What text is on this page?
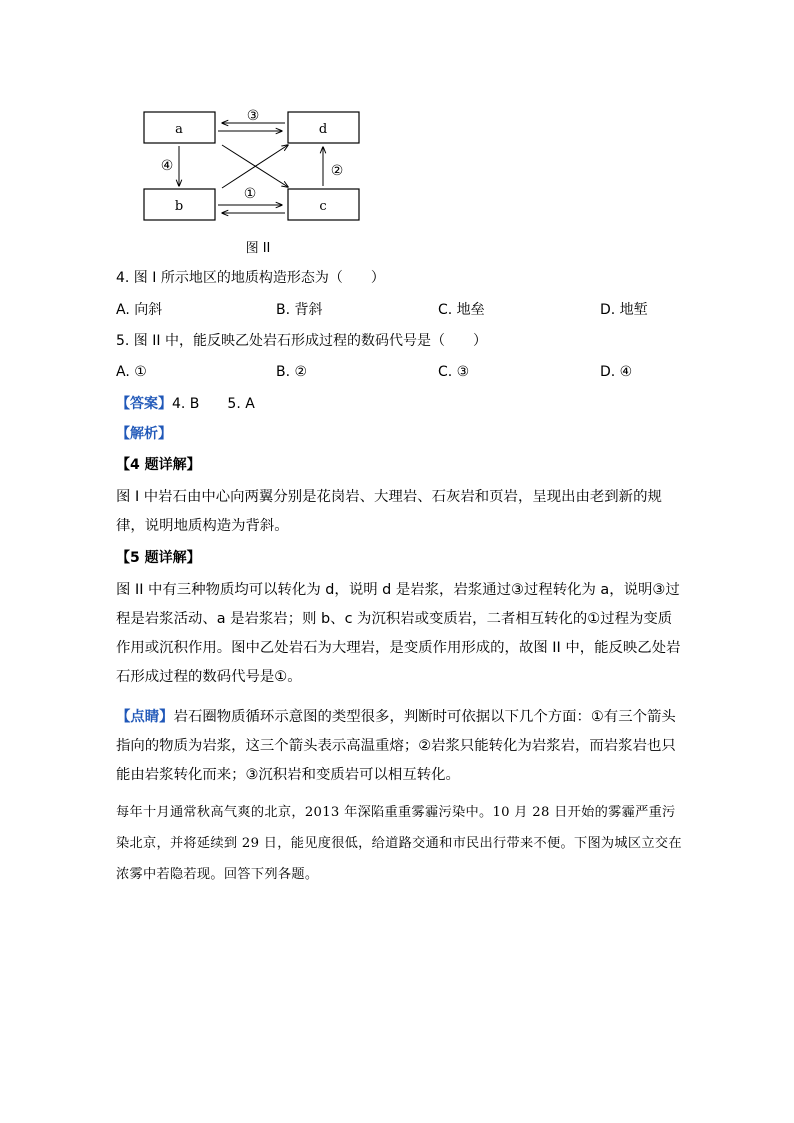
a	d
b	c
③
④	②
①
图 II
4. 图 I 所示地区的地质构造形态为（　　）
A. 向斜	B. 背斜	C. 地垒	D. 地堑
5. 图 II 中，能反映乙处岩石形成过程的数码代号是（　　）
A. ①	B. ②	C. ③	D. ④
【答案】4. B　　5. A
【解析】
【4 题详解】
图 I 中岩石由中心向两翼分别是花岗岩、大理岩、石灰岩和页岩，呈现出由老到新的规律，说明地质构造为背斜。
【5 题详解】
图 II 中有三种物质均可以转化为 d，说明 d 是岩浆，岩浆通过③过程转化为 a，说明③过程是岩浆活动、a 是岩浆岩；则 b、c 为沉积岩或变质岩，二者相互转化的①过程为变质作用或沉积作用。图中乙处岩石为大理岩，是变质作用形成的，故图 II 中，能反映乙处岩石形成过程的数码代号是①。
【点睛】岩石圈物质循环示意图的类型很多，判断时可依据以下几个方面：①有三个箭头指向的物质为岩浆，这三个箭头表示高温重熔；②岩浆只能转化为岩浆岩，而岩浆岩也只能由岩浆转化而来；③沉积岩和变质岩可以相互转化。
每年十月通常秋高气爽的北京，2013 年深陷重重雾霾污染中。10 月 28 日开始的雾霾严重污染北京，并将延续到 29 日，能见度很低，给道路交通和市民出行带来不便。下图为城区立交在浓雾中若隐若现。回答下列各题。
